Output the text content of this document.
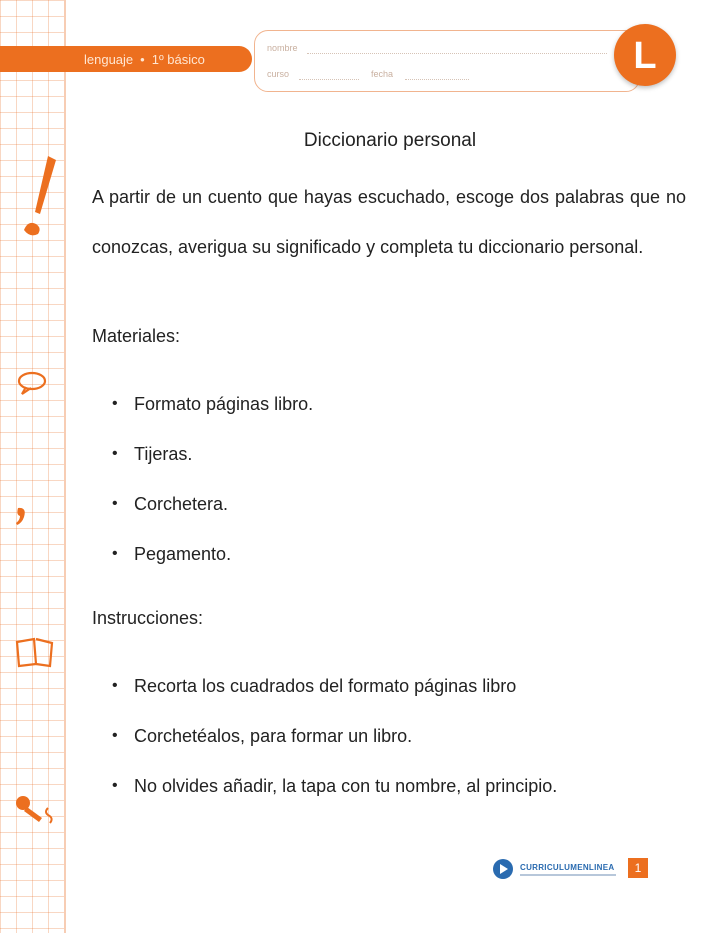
lenguaje • 1º básico
nombre
curso	fecha	L
Diccionario personal

A partir de un cuento que hayas escuchado, escoge dos palabras que no conozcas, averigua su significado y completa tu diccionario personal.

Materiales:
• Formato páginas libro.
• Tijeras.
• Corchetera.
• Pegamento.
Instrucciones:
• Recorta los cuadrados del formato páginas libro
• Corchetéalos, para formar un libro.
• No olvides añadir, la tapa con tu nombre, al principio.
CURRICULUMENLINEA	1
